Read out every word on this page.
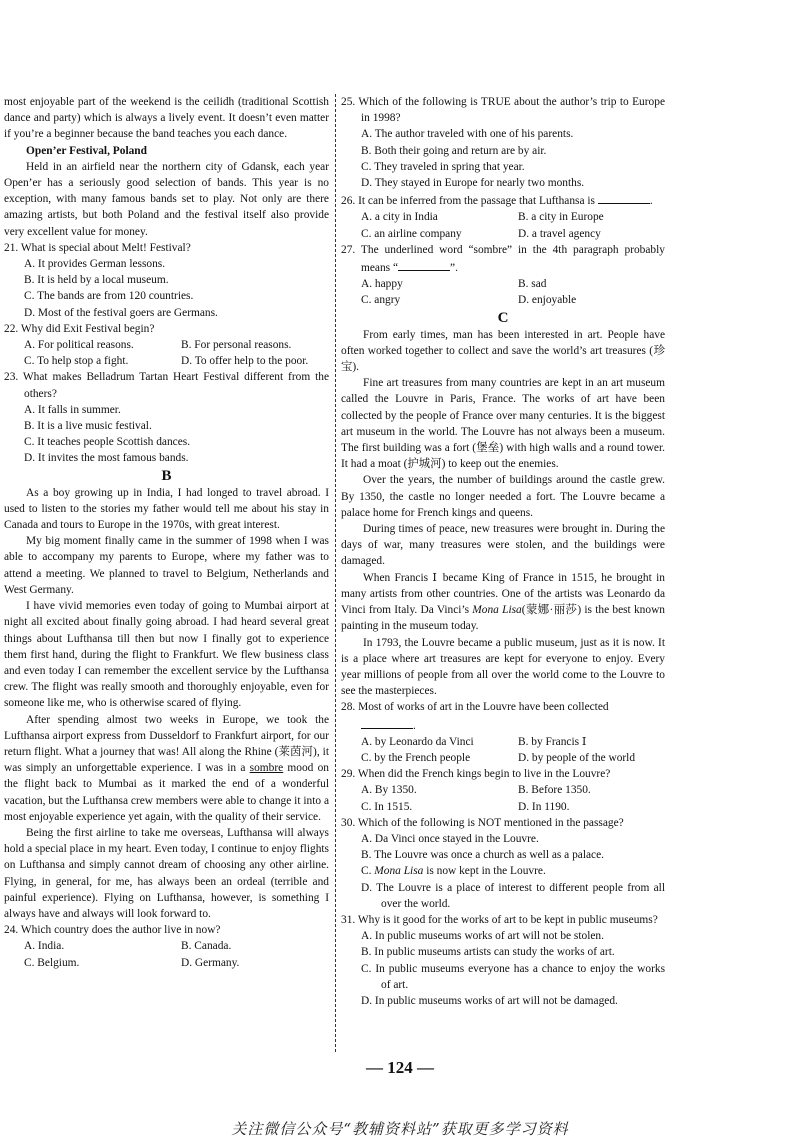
most enjoyable part of the weekend is the ceilidh (traditional Scottish dance and party) which is always a lively event. It doesn’t even matter if you’re a beginner because the band teaches you each dance.

Open’er Festival, Poland

Held in an airfield near the northern city of Gdansk, each year Open’er has a seriously good selection of bands. This year is no exception, with many famous bands set to play. Not only are there amazing artists, but both Poland and the festival itself also provide very excellent value for money.

21. What is special about Melt! Festival?

A. It provides German lessons.

B. It is held by a local museum.

C. The bands are from 120 countries.

D. Most of the festival goers are Germans.

22. Why did Exit Festival begin?

A. For political reasons.	B. For personal reasons.
C. To help stop a fight.	D. To offer help to the poor.

23. What makes Belladrum Tartan Heart Festival different from the others?

A. It falls in summer.

B. It is a live music festival.

C. It teaches people Scottish dances.

D. It invites the most famous bands.

B

As a boy growing up in India, I had longed to travel abroad. I used to listen to the stories my father would tell me about his stay in Canada and tours to Europe in the 1970s, with great interest.

My big moment finally came in the summer of 1998 when I was able to accompany my parents to Europe, where my father was to attend a meeting. We planned to travel to Belgium, Netherlands and West Germany.

I have vivid memories even today of going to Mumbai airport at night all excited about finally going abroad. I had heard several great things about Lufthansa till then but now I finally got to experience them first hand, during the flight to Frankfurt. We flew business class and even today I can remember the excellent service by the Lufthansa crew. The flight was really smooth and thoroughly enjoyable, even for someone like me, who is otherwise scared of flying.

After spending almost two weeks in Europe, we took the Lufthansa airport express from Dusseldorf to Frankfurt airport, for our return flight. What a journey that was! All along the Rhine (莱茵河), it was simply an unforgettable experience. I was in a sombre mood on the flight back to Mumbai as it marked the end of a wonderful vacation, but the Lufthansa crew members were able to change it into a most enjoyable experience yet again, with the quality of their service.

Being the first airline to take me overseas, Lufthansa will always hold a special place in my heart. Even today, I continue to enjoy flights on Lufthansa and simply cannot dream of choosing any other airline. Flying, in general, for me, has always been an ordeal (terrible and painful experience). Flying on Lufthansa, however, is something I always have and always will look forward to.

24. Which country does the author live in now?

A. India.	B. Canada.
C. Belgium.	D. Germany.

25. Which of the following is TRUE about the author’s trip to Europe in 1998?

A. The author traveled with one of his parents.

B. Both their going and return are by air.

C. They traveled in spring that year.

D. They stayed in Europe for nearly two months.

26. It can be inferred from the passage that Lufthansa is	.

A. a city in India	B. a city in Europe
C. an airline company	D. a travel agency

27. The underlined word “sombre” in the 4th paragraph probably means “	”.

A. happy	B. sad
C. angry	D. enjoyable

C

From early times, man has been interested in art. People have often worked together to collect and save the world’s art treasures (珍宝).

Fine art treasures from many countries are kept in an art museum called the Louvre in Paris, France. The works of art have been collected by the people of France over many centuries. It is the biggest art museum in the world. The Louvre has not always been a museum. The first building was a fort (堡垒) with high walls and a round tower. It had a moat (护城河) to keep out the enemies.

Over the years, the number of buildings around the castle grew. By 1350, the castle no longer needed a fort. The Louvre became a palace home for French kings and queens.

During times of peace, new treasures were brought in. During the days of war, many treasures were stolen, and the buildings were damaged.

When Francis Ⅰ became King of France in 1515, he brought in many artists from other countries. One of the artists was Leonardo da Vinci from Italy. Da Vinci’s Mona Lisa(蒙娜·丽莎) is the best known painting in the museum today.

In 1793, the Louvre became a public museum, just as it is now. It is a place where art treasures are kept for everyone to enjoy. Every year millions of people from all over the world come to the Louvre to see the masterpieces.

28. Most of works of art in the Louvre have been collected
.

A. by Leonardo da Vinci	B. by Francis Ⅰ
C. by the French people	D. by people of the world

29. When did the French kings begin to live in the Louvre?

A. By 1350.	B. Before 1350.
C. In 1515.	D. In 1190.

30. Which of the following is NOT mentioned in the passage?

A. Da Vinci once stayed in the Louvre.

B. The Louvre was once a church as well as a palace.

C. Mona Lisa is now kept in the Louvre.

D. The Louvre is a place of interest to different people from all over the world.

31. Why is it good for the works of art to be kept in public museums?

A. In public museums works of art will not be stolen.

B. In public museums artists can study the works of art.

C. In public museums everyone has a chance to enjoy the works of art.

D. In public museums works of art will not be damaged.

— 124 —
关注微信公众号“教辅资料站”获取更多学习资料
